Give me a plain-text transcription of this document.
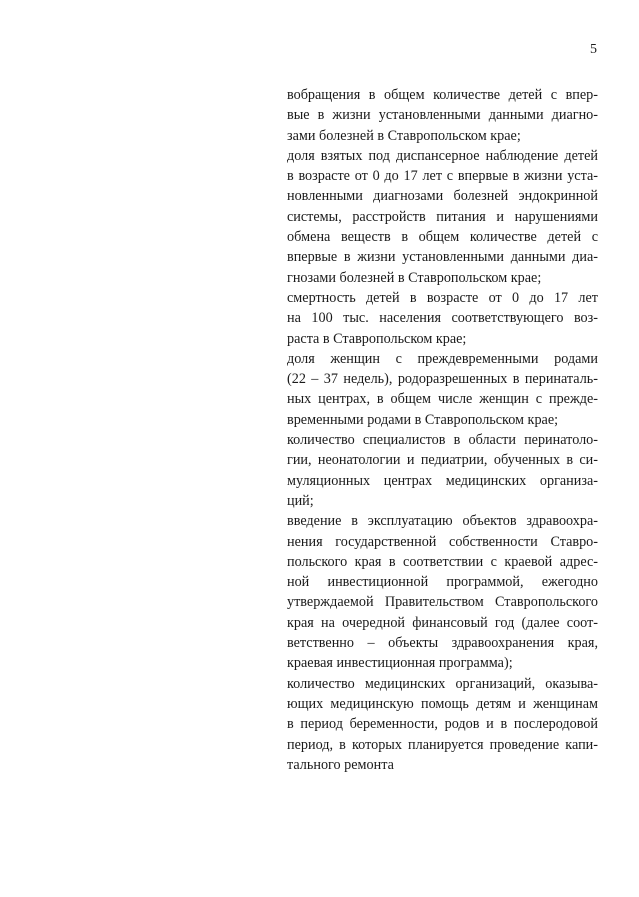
5
вобращения в общем количестве детей с впер-
вые в жизни установленными данными диагно-
зами болезней в Ставропольском крае;
доля взятых под диспансерное наблюдение детей
в возрасте от 0 до 17 лет с впервые в жизни уста-
новленными диагнозами болезней эндокринной
системы, расстройств питания и нарушениями
обмена веществ в общем количестве детей с
впервые в жизни установленными данными диа-
гнозами болезней в Ставропольском крае;
смертность детей в возрасте от 0 до 17 лет
на 100 тыс. населения соответствующего воз-
раста в Ставропольском крае;
доля женщин с преждевременными родами
(22 – 37 недель), родоразрешенных в перинаталь-
ных центрах, в общем числе женщин с прежде-
временными родами в Ставропольском крае;
количество специалистов в области перинатоло-
гии, неонатологии и педиатрии, обученных в си-
муляционных центрах медицинских организа-
ций;
введение в эксплуатацию объектов здравоохра-
нения государственной собственности Ставро-
польского края в соответствии с краевой адрес-
ной инвестиционной программой, ежегодно
утверждаемой Правительством Ставропольского
края на очередной финансовый год (далее соот-
ветственно – объекты здравоохранения края,
краевая инвестиционная программа);
количество медицинских организаций, оказыва-
ющих медицинскую помощь детям и женщинам
в период беременности, родов и в послеродовой
период, в которых планируется проведение капи-
тального ремонта
